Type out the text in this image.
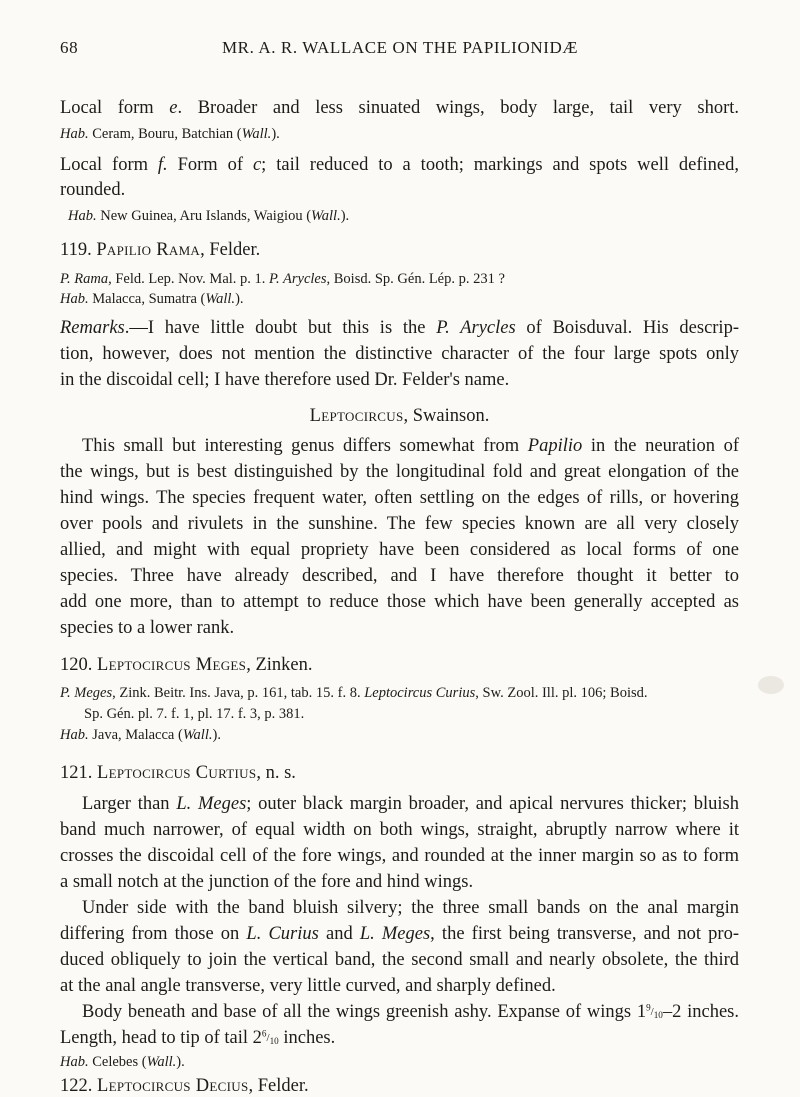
68	MR. A. R. WALLACE ON THE PAPILIONIDÆ
Local form e. Broader and less sinuated wings, body large, tail very short.
Hab. Ceram, Bouru, Batchian (Wall.).
Local form f. Form of c; tail reduced to a tooth; markings and spots well defined,
rounded.
Hab. New Guinea, Aru Islands, Waigiou (Wall.).
119. Papilio Rama, Felder.
P. Rama, Feld. Lep. Nov. Mal. p. 1. P. Arycles, Boisd. Sp. Gén. Lép. p. 231 ?
Hab. Malacca, Sumatra (Wall.).
Remarks.—I have little doubt but this is the P. Arycles of Boisduval. His descrip-
tion, however, does not mention the distinctive character of the four large spots only
in the discoidal cell; I have therefore used Dr. Felder's name.
Leptocircus, Swainson.
This small but interesting genus differs somewhat from Papilio in the neuration of
the wings, but is best distinguished by the longitudinal fold and great elongation of the
hind wings. The species frequent water, often settling on the edges of rills, or hovering
over pools and rivulets in the sunshine. The few species known are all very closely
allied, and might with equal propriety have been considered as local forms of one
species. Three have already described, and I have therefore thought it better to
add one more, than to attempt to reduce those which have been generally accepted as
species to a lower rank.
120. Leptocircus Meges, Zinken.
P. Meges, Zink. Beitr. Ins. Java, p. 161, tab. 15. f. 8. Leptocircus Curius, Sw. Zool. Ill. pl. 106; Boisd.
Sp. Gén. pl. 7. f. 1, pl. 17. f. 3, p. 381.
Hab. Java, Malacca (Wall.).
121. Leptocircus Curtius, n. s.
Larger than L. Meges; outer black margin broader, and apical nervures thicker; bluish
band much narrower, of equal width on both wings, straight, abruptly narrow where it
crosses the discoidal cell of the fore wings, and rounded at the inner margin so as to form
a small notch at the junction of the fore and hind wings.
Under side with the band bluish silvery; the three small bands on the anal margin
differing from those on L. Curius and L. Meges, the first being transverse, and not pro-
duced obliquely to join the vertical band, the second small and nearly obsolete, the third
at the anal angle transverse, very little curved, and sharply defined.
Body beneath and base of all the wings greenish ashy. Expanse of wings $1^9/_{10}-2$ inches.
Length, head to tip of tail $2^6/_{10}$ inches.
Hab. Celebes (Wall.).
122. Leptocircus Decius, Felder.
